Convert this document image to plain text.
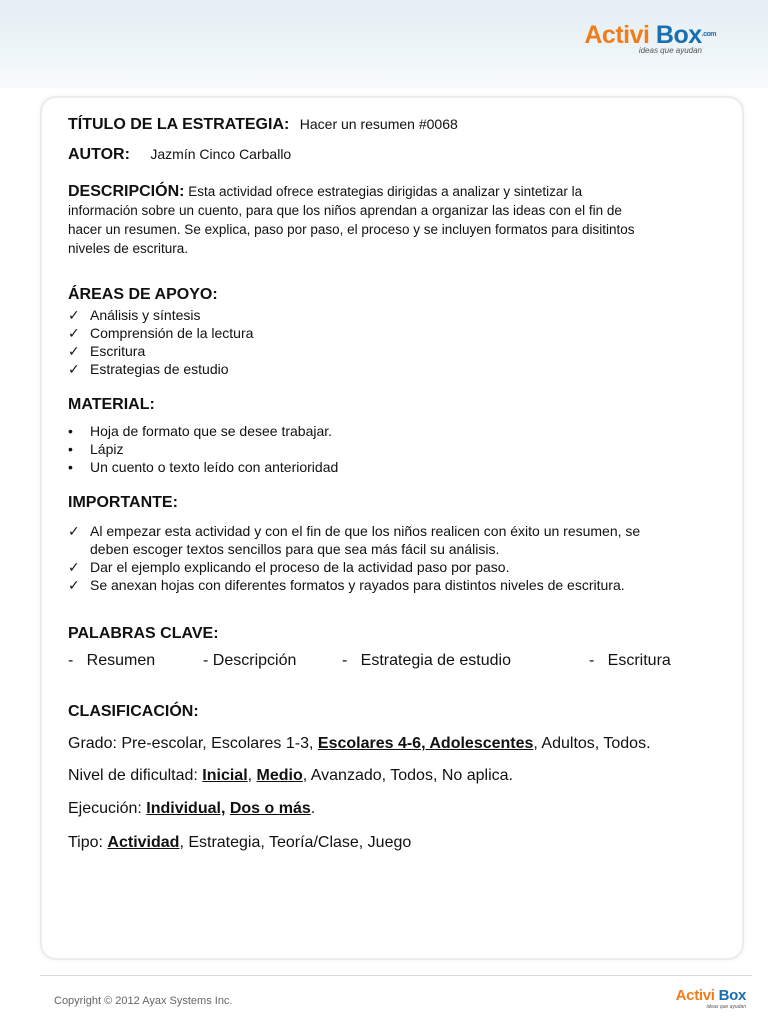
Activi Box$^{.com}$
ideas que ayudan
TÍTULO DE LA ESTRATEGIA: Hacer un resumen #0068
AUTOR: Jazmín Cinco Carballo
DESCRIPCIÓN: Esta actividad ofrece estrategias dirigidas a analizar y sintetizar la
información sobre un cuento, para que los niños aprendan a organizar las ideas con el fin de
hacer un resumen. Se explica, paso por paso, el proceso y se incluyen formatos para disitintos
niveles de escritura.
ÁREAS DE APOYO:
✓ Análisis y síntesis
✓ Comprensión de la lectura
✓ Escritura
✓ Estrategias de estudio
MATERIAL:
• Hoja de formato que se desee trabajar.
• Lápiz
• Un cuento o texto leído con anterioridad
IMPORTANTE:
✓ Al empezar esta actividad y con el fin de que los niños realicen con éxito un resumen, se
deben escoger textos sencillos para que sea más fácil su análisis.
✓ Dar el ejemplo explicando el proceso de la actividad paso por paso.
✓ Se anexan hojas con diferentes formatos y rayados para distintos niveles de escritura.
PALABRAS CLAVE:
- Resumen	- Descripción	- Estrategia de estudio	- Escritura
CLASIFICACIÓN:
Grado: Pre-escolar, Escolares 1-3, Escolares 4-6, Adolescentes, Adultos, Todos.
Nivel de dificultad: Inicial, Medio, Avanzado, Todos, No aplica.
Ejecución: Individual, Dos o más.
Tipo: Actividad, Estrategia, Teoría/Clase, Juego
Copyright © 2012 Ayax Systems Inc.	Activi Box
ideas que ayudan
